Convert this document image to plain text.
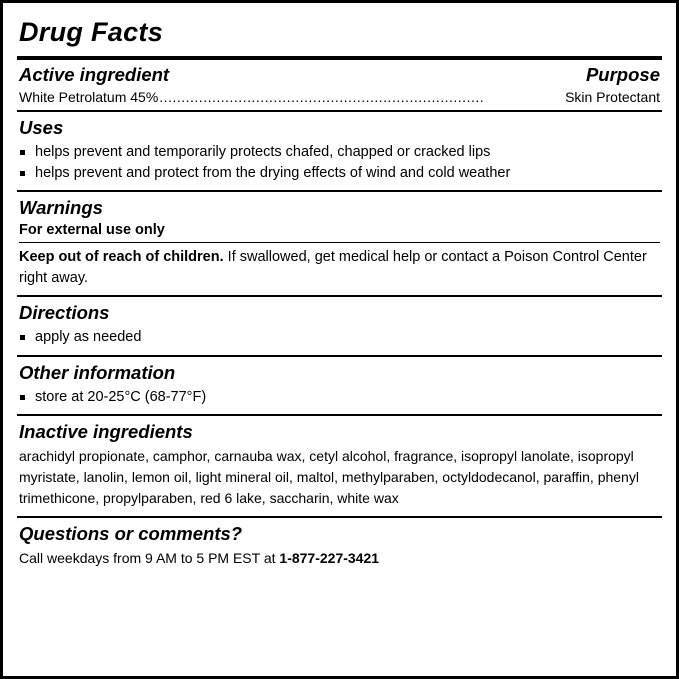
Drug Facts
Active ingredient	Purpose
White Petrolatum 45% ..........................................................................	Skin Protectant
Uses
helps prevent and temporarily protects chafed, chapped or cracked lips
helps prevent and protect from the drying effects of wind and cold weather
Warnings
For external use only
Keep out of reach of children. If swallowed, get medical help or contact a Poison Control Center right away.
Directions
apply as needed
Other information
store at 20-25°C (68-77°F)
Inactive ingredients
arachidyl propionate, camphor, carnauba wax, cetyl alcohol, fragrance, isopropyl lanolate, isopropyl myristate, lanolin, lemon oil, light mineral oil, maltol, methylparaben, octyldodecanol, paraffin, phenyl trimethicone, propylparaben, red 6 lake, saccharin, white wax
Questions or comments?
Call weekdays from 9 AM to 5 PM EST at 1-877-227-3421
